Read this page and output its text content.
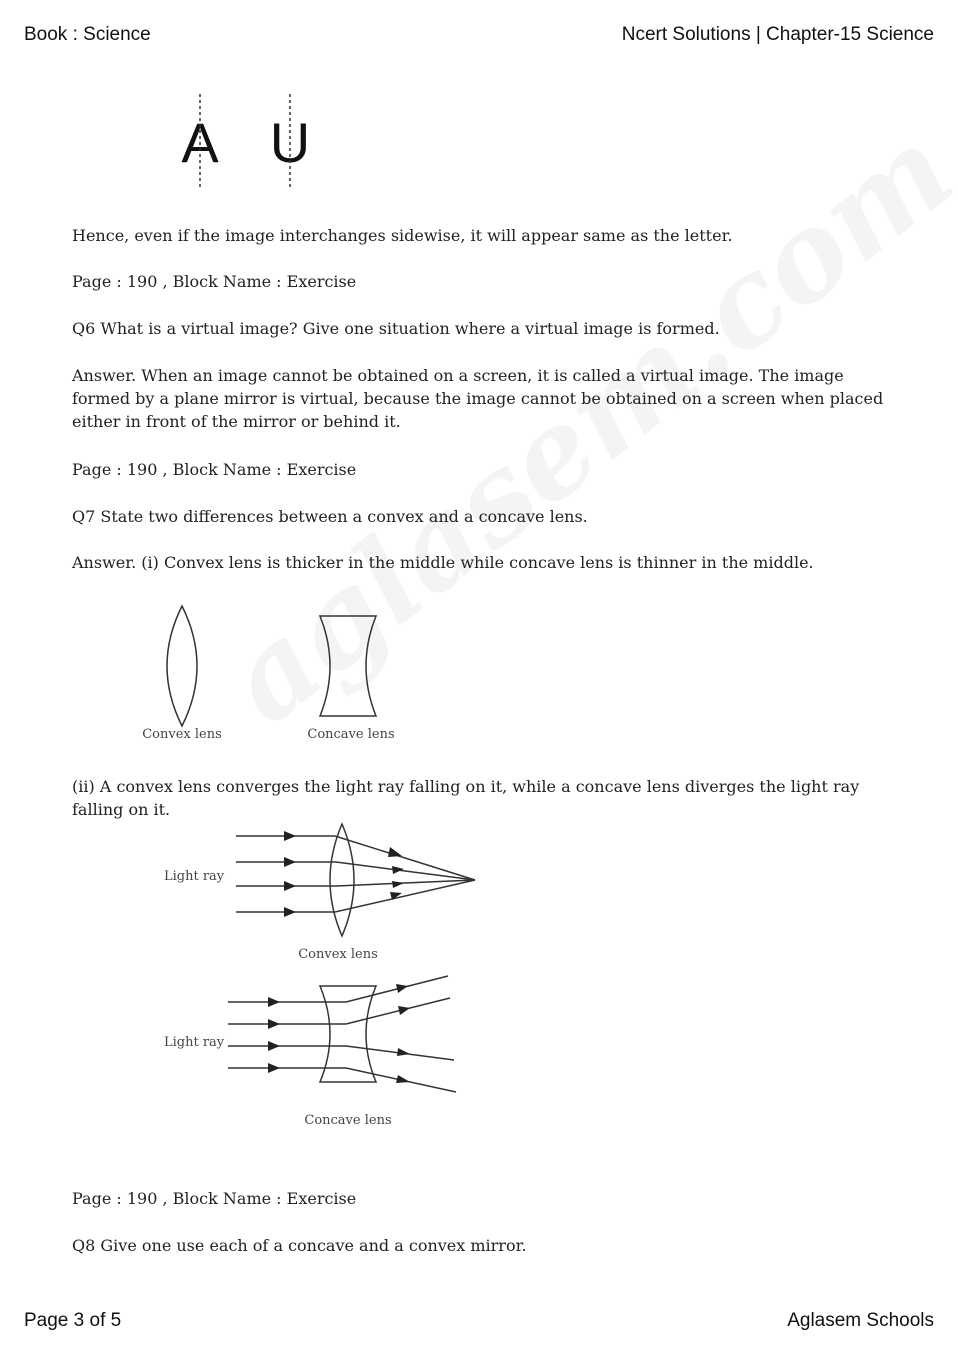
Book : Science	Ncert Solutions | Chapter-15 Science
A U

Hence, even if the image interchanges sidewise, it will appear same as the letter.

Page : 190 , Block Name : Exercise

Q6 What is a virtual image? Give one situation where a virtual image is formed.

Answer. When an image cannot be obtained on a screen, it is called a virtual image. The image formed by a plane mirror is virtual, because the image cannot be obtained on a screen when placed either in front of the mirror or behind it.

Page : 190 , Block Name : Exercise

Q7 State two differences between a convex and a concave lens.

Answer. (i) Convex lens is thicker in the middle while concave lens is thinner in the middle.

Convex lens	Concave lens

(ii) A convex lens converges the light ray falling on it, while a concave lens diverges the light ray falling on it.

Light ray
Convex lens
Light ray
Concave lens

Page : 190 , Block Name : Exercise

Q8 Give one use each of a concave and a convex mirror.

Page 3 of 5	Aglasem Schools
